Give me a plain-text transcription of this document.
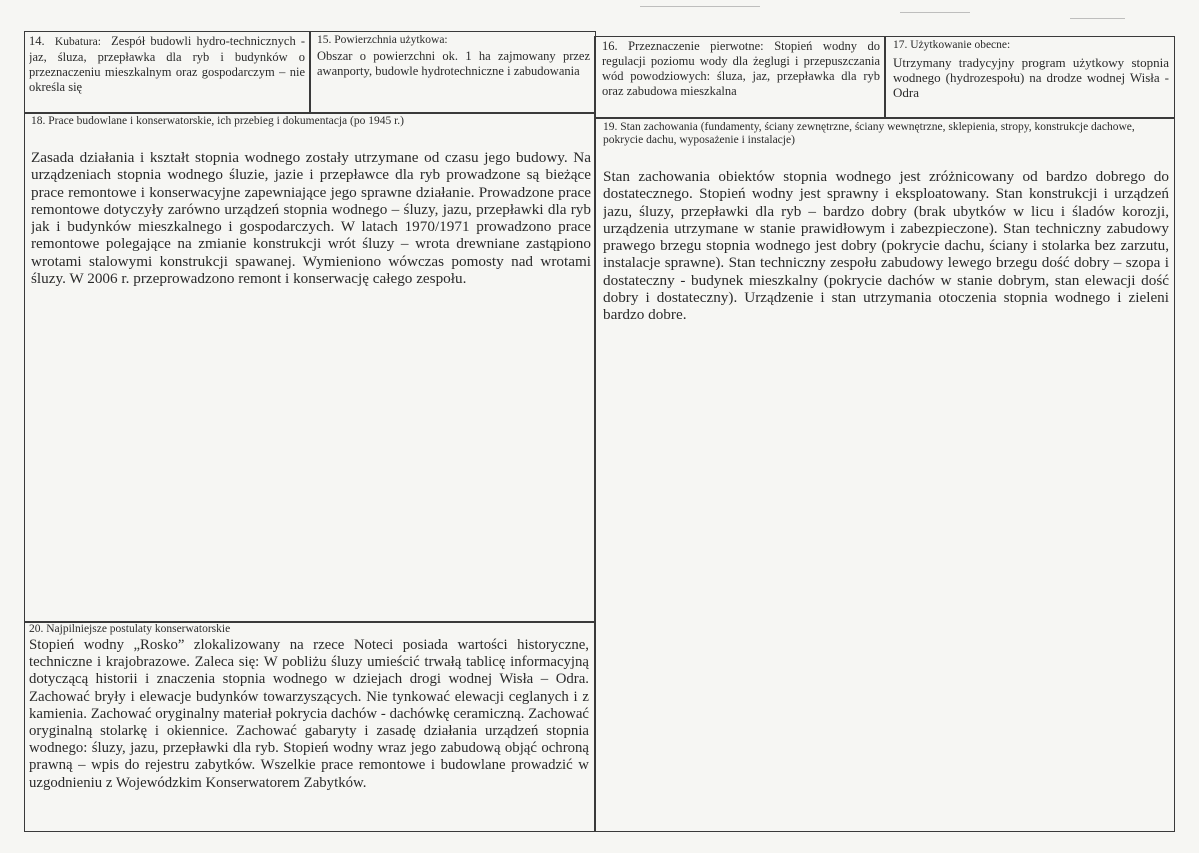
14. Kubatura: Zespół budowli hydro-technicznych - jaz, śluza, przepławka dla ryb i budynków o przeznaczeniu mieszkalnym oraz gospodarczym – nie określa się
15. Powierzchnia użytkowa:
Obszar o powierzchni ok. 1 ha zajmowany przez awanporty, budowle hydrotechniczne i zabudowania
16. Przeznaczenie pierwotne: Stopień wodny do regulacji poziomu wody dla żeglugi i przepuszczania wód powodziowych: śluza, jaz, przepławka dla ryb oraz zabudowa mieszkalna
17. Użytkowanie obecne:
Utrzymany tradycyjny program użytkowy stopnia wodnego (hydrozespołu) na drodze wodnej Wisła - Odra
18. Prace budowlane i konserwatorskie, ich przebieg i dokumentacja (po 1945 r.)
Zasada działania i kształt stopnia wodnego zostały utrzymane od czasu jego budowy. Na urządzeniach stopnia wodnego śluzie, jazie i przepławce dla ryb prowadzone są bieżące prace remontowe i konserwacyjne zapewniające jego sprawne działanie. Prowadzone prace remontowe dotyczyły zarówno urządzeń stopnia wodnego – śluzy, jazu, przepławki dla ryb jak i budynków mieszkalnego i gospodarczych. W latach 1970/1971 prowadzono prace remontowe polegające na zmianie konstrukcji wrót śluzy – wrota drewniane zastąpiono wrotami stalowymi konstrukcji spawanej. Wymieniono wówczas pomosty nad wrotami śluzy. W 2006 r. przeprowadzono remont i konserwację całego zespołu.
19. Stan zachowania (fundamenty, ściany zewnętrzne, ściany wewnętrzne, sklepienia, stropy, konstrukcje dachowe, pokrycie dachu, wyposażenie i instalacje)
Stan zachowania obiektów stopnia wodnego jest zróżnicowany od bardzo dobrego do dostatecznego. Stopień wodny jest sprawny i eksploatowany. Stan konstrukcji i urządzeń jazu, śluzy, przepławki dla ryb – bardzo dobry (brak ubytków w licu i śladów korozji, urządzenia utrzymane w stanie prawidłowym i zabezpieczone). Stan techniczny zabudowy prawego brzegu stopnia wodnego jest dobry (pokrycie dachu, ściany i stolarka bez zarzutu, instalacje sprawne). Stan techniczny zespołu zabudowy lewego brzegu dość dobry – szopa i dostateczny - budynek mieszkalny (pokrycie dachów w stanie dobrym, stan elewacji dość dobry i dostateczny). Urządzenie i stan utrzymania otoczenia stopnia wodnego i zieleni bardzo dobre.
20. Najpilniejsze postulaty konserwatorskie
Stopień wodny „Rosko” zlokalizowany na rzece Noteci posiada wartości historyczne, techniczne i krajobrazowe. Zaleca się: W pobliżu śluzy umieścić trwałą tablicę informacyjną dotyczącą historii i znaczenia stopnia wodnego w dziejach drogi wodnej Wisła – Odra. Zachować bryły i elewacje budynków towarzyszących. Nie tynkować elewacji ceglanych i z kamienia. Zachować oryginalny materiał pokrycia dachów - dachówkę ceramiczną. Zachować oryginalną stolarkę i okiennice. Zachować gabaryty i zasadę działania urządzeń stopnia wodnego: śluzy, jazu, przepławki dla ryb. Stopień wodny wraz jego zabudową objąć ochroną prawną – wpis do rejestru zabytków. Wszelkie prace remontowe i budowlane prowadzić w uzgodnieniu z Wojewódzkim Konserwatorem Zabytków.
